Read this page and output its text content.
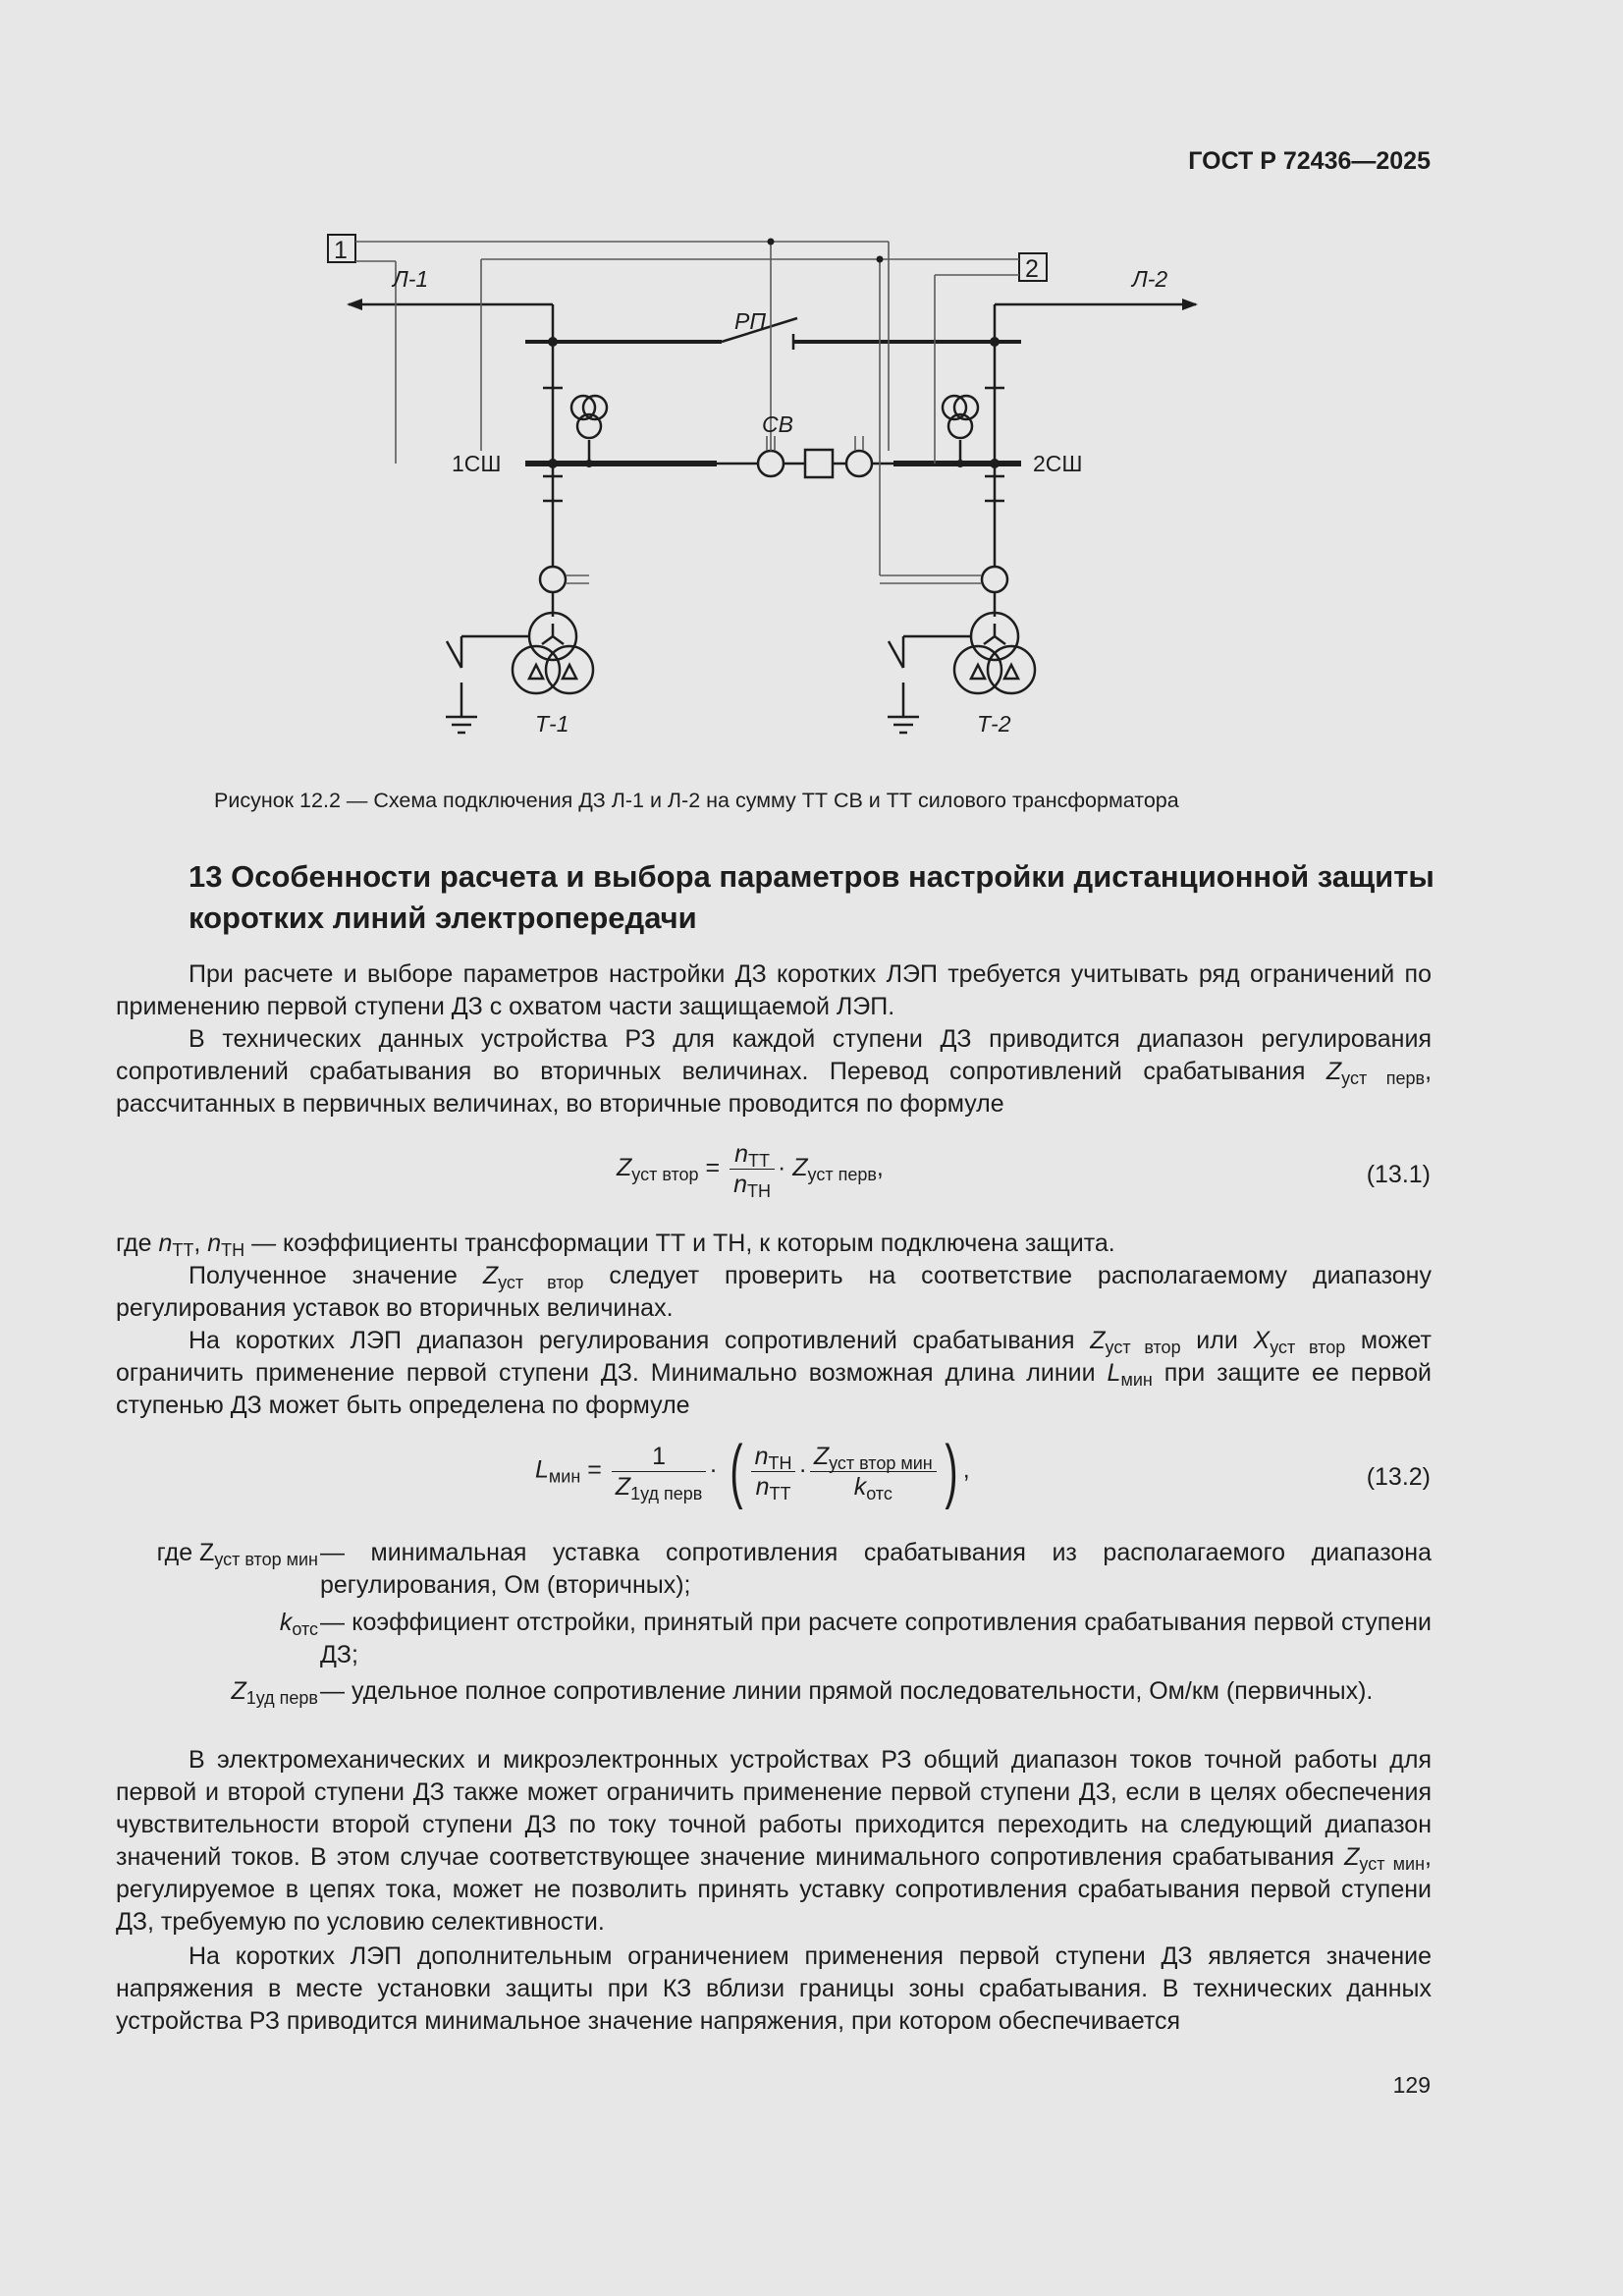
ГОСТ Р 72436—2025
1
2
Л-1	Л-2
РП
СВ
1СШ	2СШ
Т-1	Т-2
Рисунок 12.2 — Схема подключения ДЗ Л-1 и Л-2 на сумму ТТ СВ и ТТ силового трансформатора
13 Особенности расчета и выбора параметров настройки дистанционной защиты коротких линий электропередачи
При расчете и выборе параметров настройки ДЗ коротких ЛЭП требуется учитывать ряд ограничений по применению первой ступени ДЗ с охватом части защищаемой ЛЭП.
В технических данных устройства РЗ для каждой ступени ДЗ приводится диапазон регулирования сопротивлений срабатывания во вторичных величинах. Перевод сопротивлений срабатывания $Z_{уст перв}$, рассчитанных в первичных величинах, во вторичные проводится по формуле
$Z_{уст втор} = \frac{n_{ТТ}}{n_{ТН}} \cdot Z_{уст перв}$,	(13.1)
где $n_{ТТ}$, $n_{ТН}$ — коэффициенты трансформации ТТ и ТН, к которым подключена защита.
Полученное значение $Z_{уст втор}$ следует проверить на соответствие располагаемому диапазону регулирования уставок во вторичных величинах.
На коротких ЛЭП диапазон регулирования сопротивлений срабатывания $Z_{уст втор}$ или $X_{уст втор}$ может ограничить применение первой ступени ДЗ. Минимально возможная длина линии $L_{мин}$ при защите ее первой ступенью ДЗ может быть определена по формуле
$L_{мин} = \frac{1}{Z_{1уд перв}}$ · ( $\frac{n_{ТН}}{n_{ТТ}} \cdot \frac{Z_{уст втор мин}}{k_{отс}}$ ) ,	(13.2)
где $Z_{уст втор мин}$ — минимальная уставка сопротивления срабатывания из располагаемого диапазона регулирования, Ом (вторичных);
$k_{отс}$ — коэффициент отстройки, принятый при расчете сопротивления срабатывания первой ступени ДЗ;
$Z_{1уд перв}$ — удельное полное сопротивление линии прямой последовательности, Ом/км (первичных).
В электромеханических и микроэлектронных устройствах РЗ общий диапазон токов точной работы для первой и второй ступени ДЗ также может ограничить применение первой ступени ДЗ, если в целях обеспечения чувствительности второй ступени ДЗ по току точной работы приходится переходить на следующий диапазон значений токов. В этом случае соответствующее значение минимального сопротивления срабатывания $Z_{уст мин}$, регулируемое в цепях тока, может не позволить принять уставку сопротивления срабатывания первой ступени ДЗ, требуемую по условию селективности.
На коротких ЛЭП дополнительным ограничением применения первой ступени ДЗ является значение напряжения в месте установки защиты при КЗ вблизи границы зоны срабатывания. В технических данных устройства РЗ приводится минимальное значение напряжения, при котором обеспечивается
129
